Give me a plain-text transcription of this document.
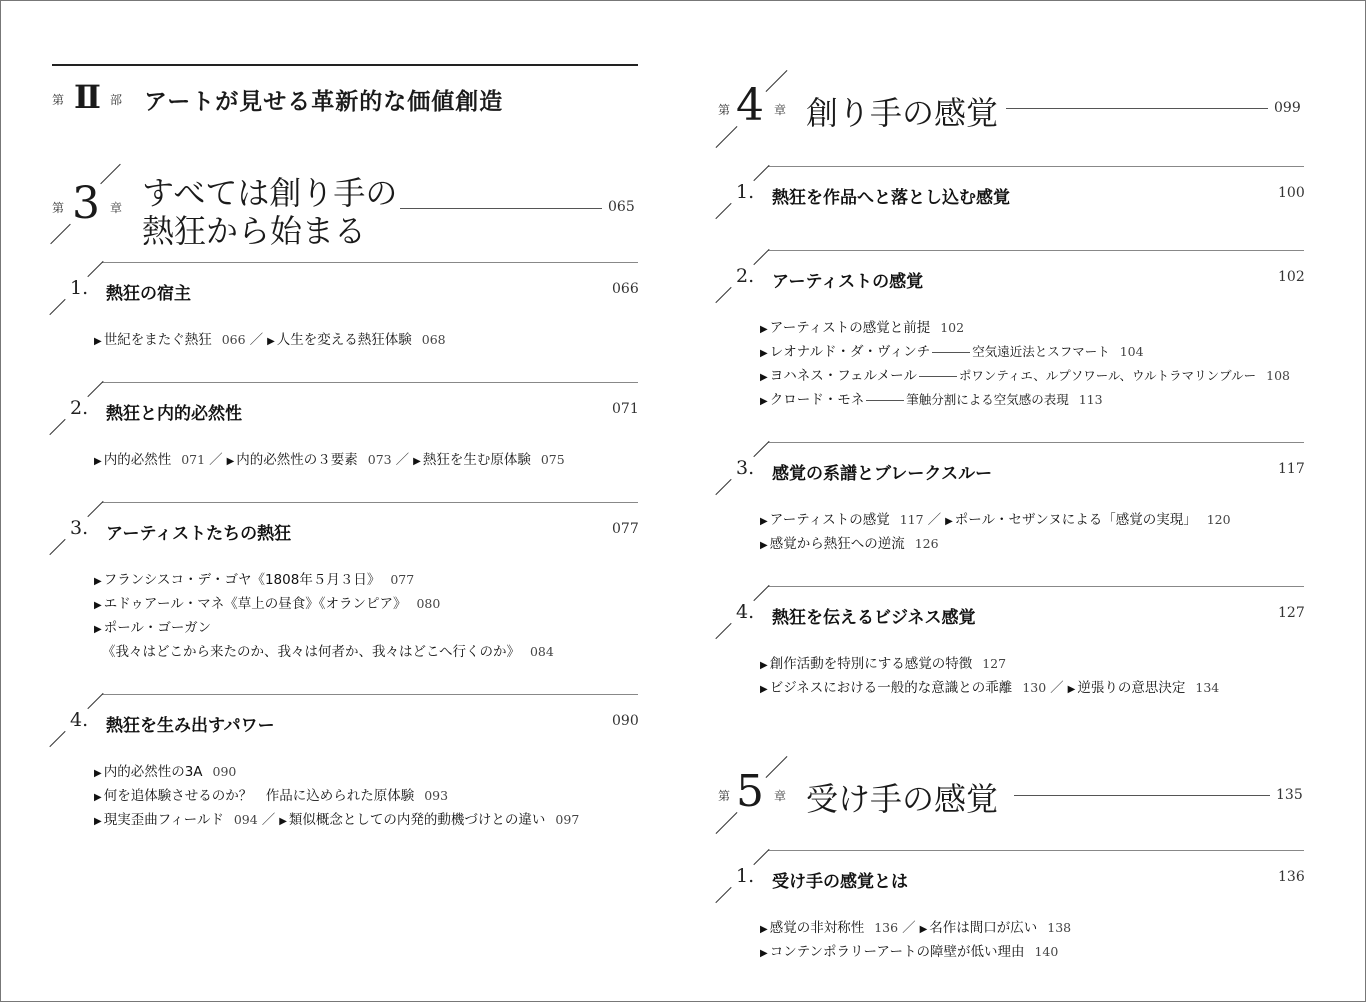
第 Ⅱ 部 アートが見せる革新的な価値創造
第 3 章 すべては創り手の
熱狂から始まる
065
1. 熱狂の宿主	066
▶ 世紀をまたぐ熱狂 066 ／ ▶ 人生を変える熱狂体験 068
2. 熱狂と内的必然性	071
▶ 内的必然性 071 ／ ▶ 内的必然性の３要素 073 ／ ▶ 熱狂を生む原体験 075
3. アーティストたちの熱狂	077
▶ フランシスコ・デ・ゴヤ《1808年５月３日》 077
▶ エドゥアール・マネ《草上の昼食》《オランピア》 080
▶ ポール・ゴーガン
《我々はどこから来たのか、我々は何者か、我々はどこへ行くのか》 084
4. 熱狂を生み出すパワー	090
▶ 内的必然性の3A 090
▶ 何を追体験させるのか？　作品に込められた原体験 093
▶ 現実歪曲フィールド 094 ／ ▶ 類似概念としての内発的動機づけとの違い 097
第 4 章 創り手の感覚	099
1. 熱狂を作品へと落とし込む感覚	100
2. アーティストの感覚	102
▶ アーティストの感覚と前提 102
▶ レオナルド・ダ・ヴィンチ	空気遠近法とスフマート 104
▶ ヨハネス・フェルメール	ポワンティエ、ルプソワール、ウルトラマリンブルー 108
▶ クロード・モネ	筆触分割による空気感の表現 113
3. 感覚の系譜とブレークスルー	117
▶ アーティストの感覚 117 ／ ▶ ポール・セザンヌによる「感覚の実現」 120
▶ 感覚から熱狂への逆流 126
4. 熱狂を伝えるビジネス感覚	127
▶ 創作活動を特別にする感覚の特徴 127
▶ ビジネスにおける一般的な意識との乖離 130 ／ ▶ 逆張りの意思決定 134
第 5 章 受け手の感覚	135
1. 受け手の感覚とは	136
▶ 感覚の非対称性 136 ／ ▶ 名作は間口が広い 138
▶ コンテンポラリーアートの障壁が低い理由 140
